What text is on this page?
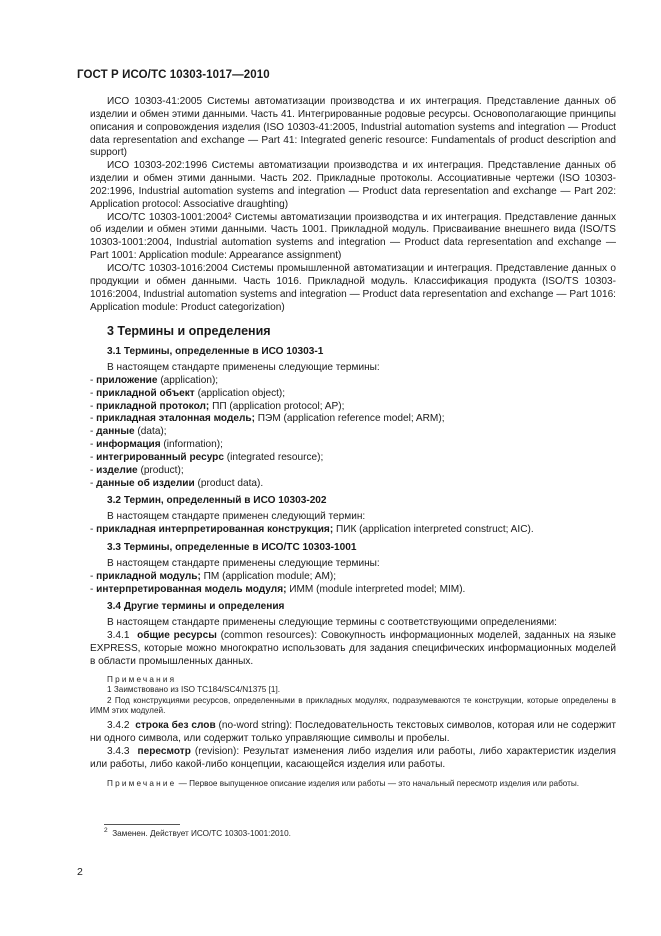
ГОСТ Р ИСО/ТС 10303-1017—2010

ИСО 10303-41:2005 Системы автоматизации производства и их интеграция. Представление данных об изделии и обмен этими данными. Часть 41. Интегрированные родовые ресурсы. Основополагающие принципы описания и сопровождения изделия (ISO 10303-41:2005, Industrial automation systems and integration — Product data representation and exchange — Part 41: Integrated generic resource: Fundamentals of product description and support)

ИСО 10303-202:1996 Системы автоматизации производства и их интеграция. Представление данных об изделии и обмен этими данными. Часть 202. Прикладные протоколы. Ассоциативные чертежи (ISO 10303-202:1996, Industrial automation systems and integration — Product data representation and exchange — Part 202: Application protocol: Associative draughting)

ИСО/ТС 10303-1001:2004² Системы автоматизации производства и их интеграция. Представление данных об изделии и обмен этими данными. Часть 1001. Прикладной модуль. Присваивание внешнего вида (ISO/TS 10303-1001:2004, Industrial automation systems and integration — Product data representation and exchange — Part 1001: Application module: Appearance assignment)

ИСО/ТС 10303-1016:2004 Системы промышленной автоматизации и интеграция. Представление данных о продукции и обмен данными. Часть 1016. Прикладной модуль. Классификация продукта (ISO/TS 10303-1016:2004, Industrial automation systems and integration — Product data representation and exchange — Part 1016: Application module: Product categorization)

3 Термины и определения
3.1 Термины, определенные в ИСО 10303-1

В настоящем стандарте применены следующие термины:

- приложение (application);
- прикладной объект (application object);
- прикладной протокол; ПП (application protocol; AP);
- прикладная эталонная модель; ПЭМ (application reference model; ARM);
- данные (data);
- информация (information);
- интегрированный ресурс (integrated resource);
- изделие (product);
- данные об изделии (product data).
3.2 Термин, определенный в ИСО 10303-202

В настоящем стандарте применен следующий термин:

- прикладная интерпретированная конструкция; ПИК (application interpreted construct; AIC).
3.3 Термины, определенные в ИСО/ТС 10303-1001

В настоящем стандарте применены следующие термины:

- прикладной модуль; ПМ (application module; AM);
- интерпретированная модель модуля; ИММ (module interpreted model; MIM).
3.4 Другие термины и определения

В настоящем стандарте применены следующие термины с соответствующими определениями:

3.4.1 общие ресурсы (common resources): Совокупность информационных моделей, заданных на языке EXPRESS, которые можно многократно использовать для задания специфических информационных моделей в области промышленных данных.

Примечания

1 Заимствовано из ISO TC184/SC4/N1375 [1].

2 Под конструкциями ресурсов, определенными в прикладных модулях, подразумеваются те конструкции, которые определены в ИММ этих модулей.

3.4.2 строка без слов (no-word string): Последовательность текстовых символов, которая или не содержит ни одного символа, или содержит только управляющие символы и пробелы.

3.4.3 пересмотр (revision): Результат изменения либо изделия или работы, либо характеристик изделия или работы, либо какой-либо концепции, касающейся изделия или работы.

Примечание — Первое выпущенное описание изделия или работы — это начальный пересмотр изделия или работы.

$^2$ Заменен. Действует ИСО/ТС 10303-1001:2010.
2
